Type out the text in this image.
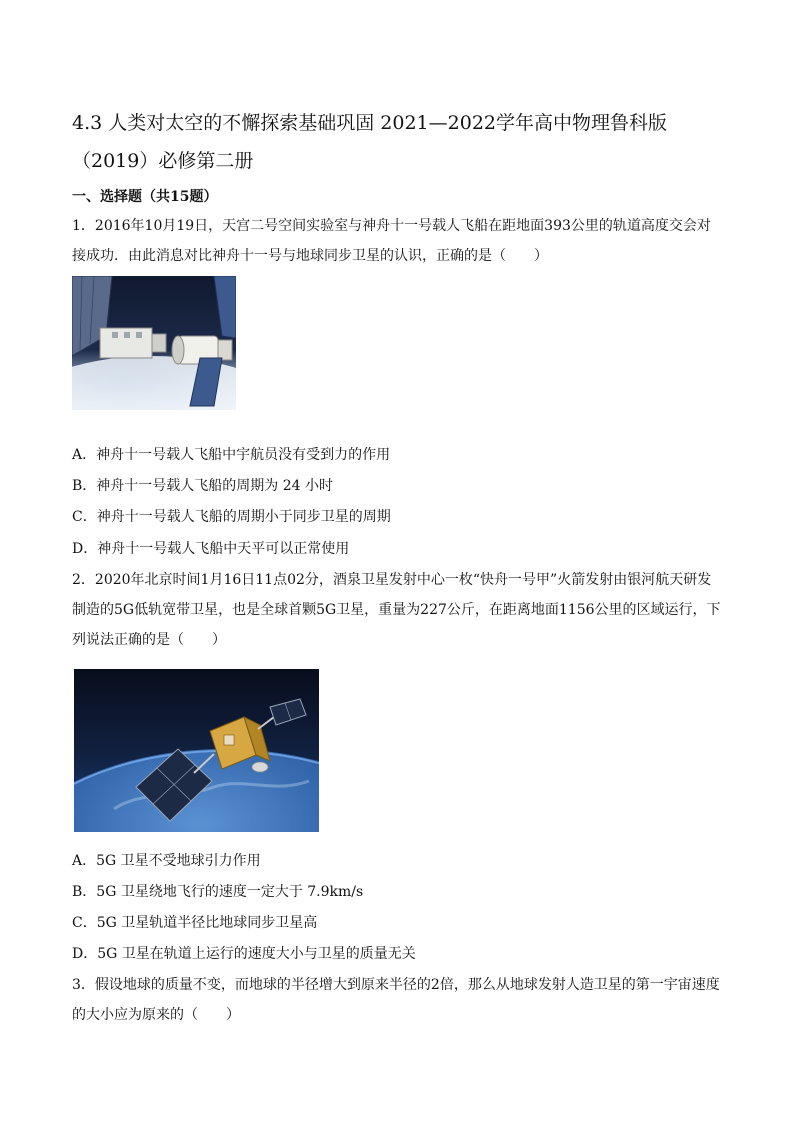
4.3 人类对太空的不懈探索基础巩固 2021—2022学年高中物理鲁科版（2019）必修第二册
一、选择题（共15题）
1．2016年10月19日，天宫二号空间实验室与神舟十一号载人飞船在距地面393公里的轨道高度交会对接成功．由此消息对比神舟十一号与地球同步卫星的认识，正确的是（　　）
A．神舟十一号载人飞船中宇航员没有受到力的作用
B．神舟十一号载人飞船的周期为 24 小时
C．神舟十一号载人飞船的周期小于同步卫星的周期
D．神舟十一号载人飞船中天平可以正常使用
2．2020年北京时间1月16日11点02分，酒泉卫星发射中心一枚“快舟一号甲”火箭发射由银河航天研发制造的5G低轨宽带卫星，也是全球首颗5G卫星，重量为227公斤，在距离地面1156公里的区域运行，下列说法正确的是（　　）
A．5G 卫星不受地球引力作用
B．5G 卫星绕地飞行的速度一定大于 7.9km/s
C．5G 卫星轨道半径比地球同步卫星高
D．5G 卫星在轨道上运行的速度大小与卫星的质量无关
3．假设地球的质量不变，而地球的半径增大到原来半径的2倍，那么从地球发射人造卫星的第一宇宙速度的大小应为原来的（　　）
